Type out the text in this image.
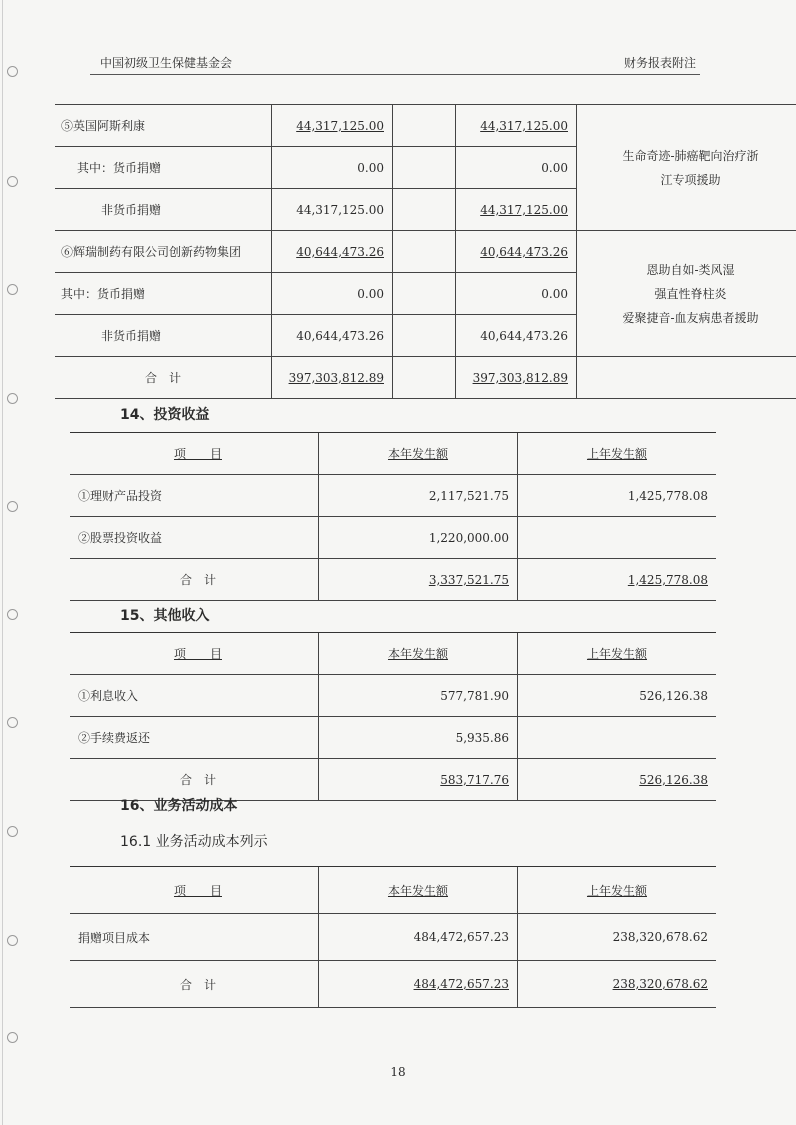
中国初级卫生保健基金会	财务报表附注
⑤英国阿斯利康	44,317,125.00		44,317,125.00	生命奇迹-肺癌靶向治疗浙
江专项援助

其中：货币捐赠	0.00		0.00	
非货币捐赠	44,317,125.00		44,317,125.00	
⑥辉瑞制药有限公司创新药物集团	40,644,473.26		40,644,473.26	恩助自如-类风湿
强直性脊柱炎
爱聚捷音-血友病患者援助

其中：货币捐赠	0.00		0.00	
非货币捐赠	40,644,473.26		40,644,473.26	
合　计	397,303,812.89		397,303,812.89	
14、投资收益
项　　目	本年发生额	上年发生额
①理财产品投资	2,117,521.75	1,425,778.08
②股票投资收益	1,220,000.00	
合　计	3,337,521.75	1,425,778.08
15、其他收入
项　　目	本年发生额	上年发生额
①利息收入	577,781.90	526,126.38
②手续费返还	5,935.86	
合　计	583,717.76	526,126.38
16、业务活动成本
16.1 业务活动成本列示
项　　目	本年发生额	上年发生额
捐赠项目成本	484,472,657.23	238,320,678.62
合　计	484,472,657.23	238,320,678.62
18
